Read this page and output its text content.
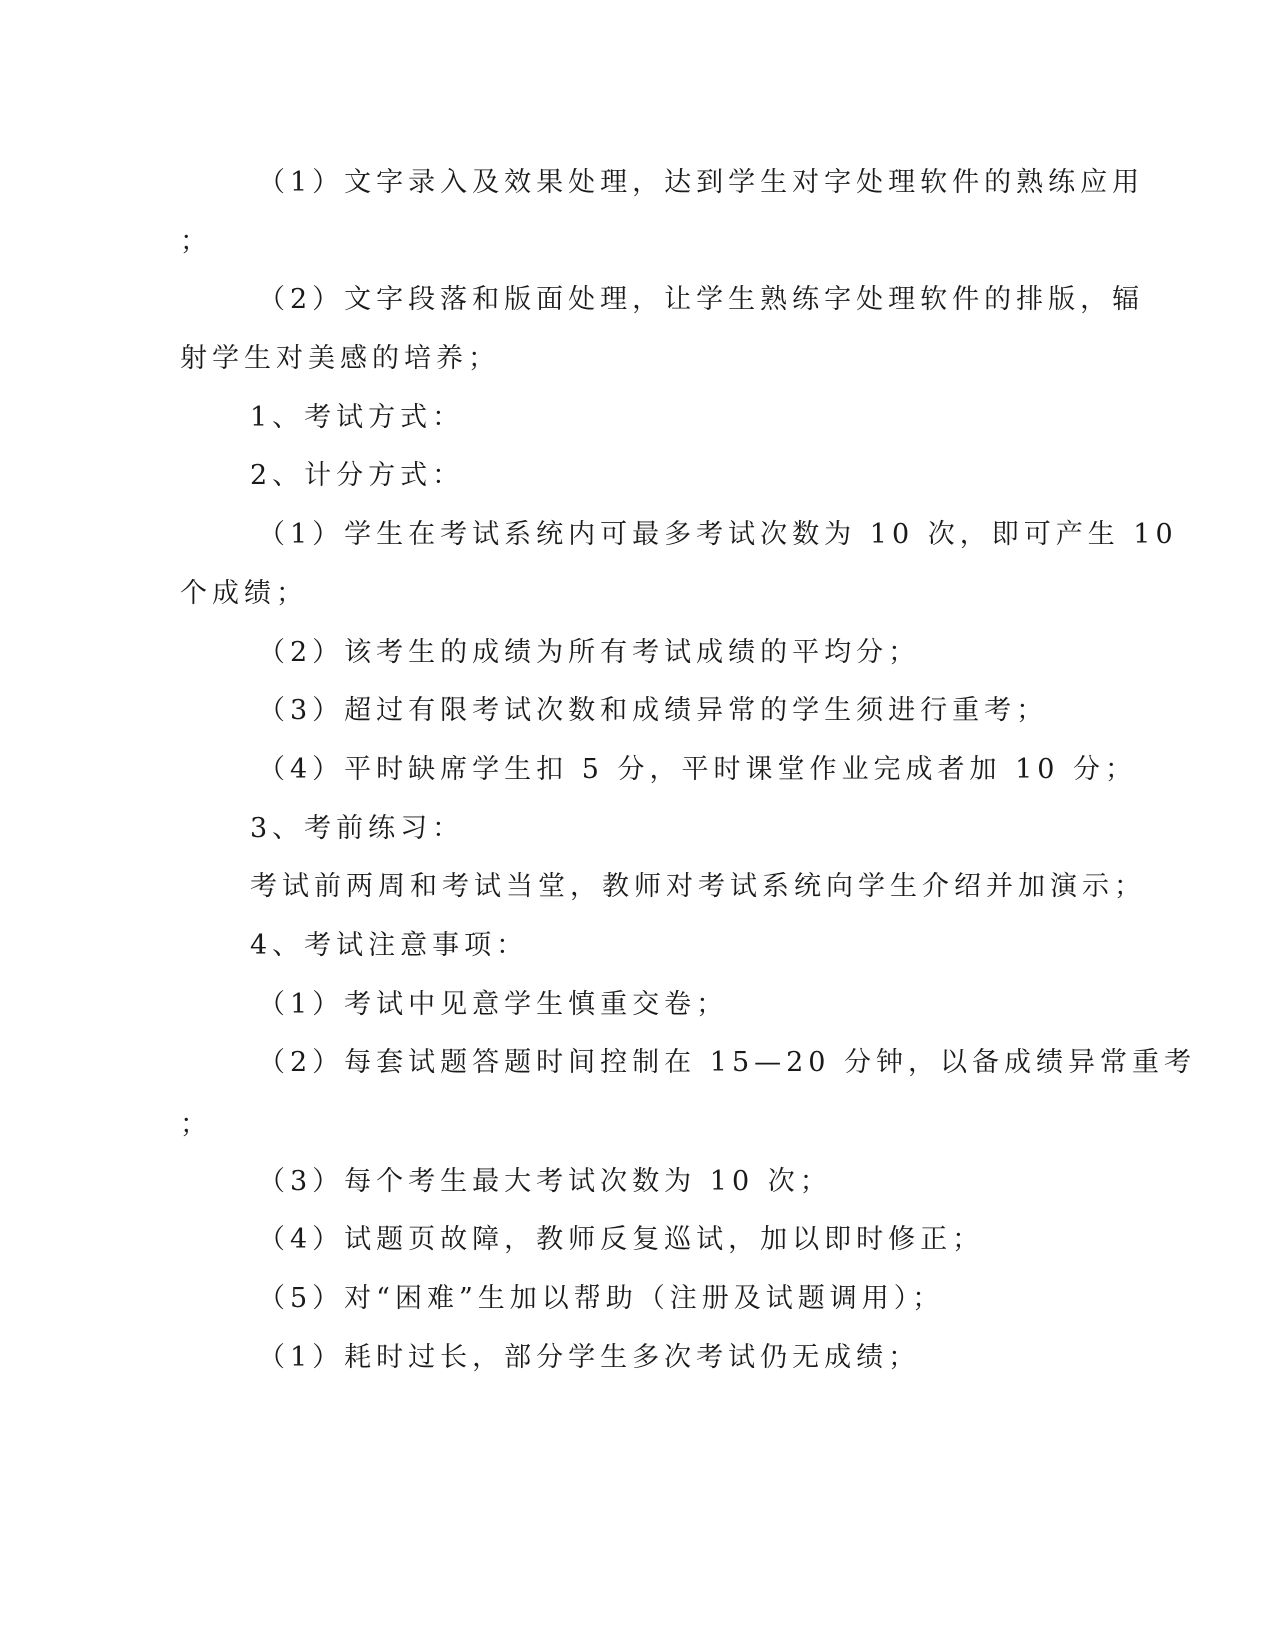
（1）文字录入及效果处理，达到学生对字处理软件的熟练应用
；
（2）文字段落和版面处理，让学生熟练字处理软件的排版，辐
射学生对美感的培养；
1、考试方式：
2、计分方式：
（1）学生在考试系统内可最多考试次数为 10 次，即可产生 10
个成绩；
（2）该考生的成绩为所有考试成绩的平均分；
（3）超过有限考试次数和成绩异常的学生须进行重考；
（4）平时缺席学生扣 5 分，平时课堂作业完成者加 10 分；
3、考前练习：
考试前两周和考试当堂，教师对考试系统向学生介绍并加演示；
4、考试注意事项：
（1）考试中见意学生慎重交卷；
（2）每套试题答题时间控制在 15—20 分钟，以备成绩异常重考
；
（3）每个考生最大考试次数为 10 次；
（4）试题页故障，教师反复巡试，加以即时修正；
（5）对“困难”生加以帮助（注册及试题调用）；
（1）耗时过长，部分学生多次考试仍无成绩；
